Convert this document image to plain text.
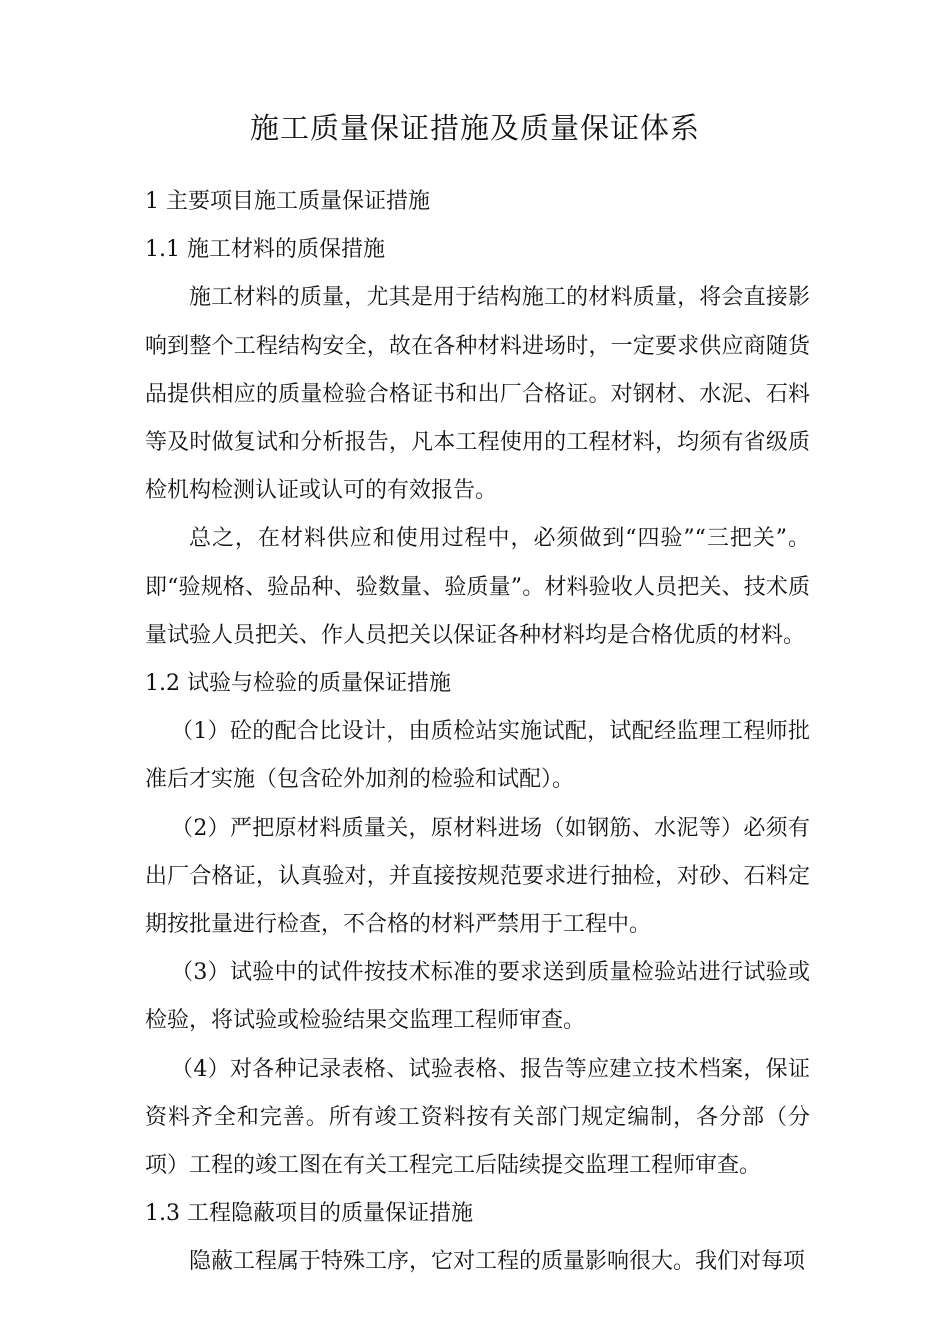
施工质量保证措施及质量保证体系
1 主要项目施工质量保证措施
1.1 施工材料的质保措施

施工材料的质量，尤其是用于结构施工的材料质量，将会直接影响到整个工程结构安全，故在各种材料进场时，一定要求供应商随货品提供相应的质量检验合格证书和出厂合格证。对钢材、水泥、石料等及时做复试和分析报告，凡本工程使用的工程材料，均须有省级质检机构检测认证或认可的有效报告。

总之，在材料供应和使用过程中，必须做到“四验”“三把关”。即“验规格、验品种、验数量、验质量”。材料验收人员把关、技术质量试验人员把关、作人员把关以保证各种材料均是合格优质的材料。

1.2 试验与检验的质量保证措施

（1）砼的配合比设计，由质检站实施试配，试配经监理工程师批准后才实施（包含砼外加剂的检验和试配）。

（2）严把原材料质量关，原材料进场（如钢筋、水泥等）必须有出厂合格证，认真验对，并直接按规范要求进行抽检，对砂、石料定期按批量进行检查，不合格的材料严禁用于工程中。

（3）试验中的试件按技术标准的要求送到质量检验站进行试验或检验，将试验或检验结果交监理工程师审查。

（4）对各种记录表格、试验表格、报告等应建立技术档案，保证资料齐全和完善。所有竣工资料按有关部门规定编制，各分部（分项）工程的竣工图在有关工程完工后陆续提交监理工程师审查。

1.3 工程隐蔽项目的质量保证措施

隐蔽工程属于特殊工序，它对工程的质量影响很大。我们对每项
